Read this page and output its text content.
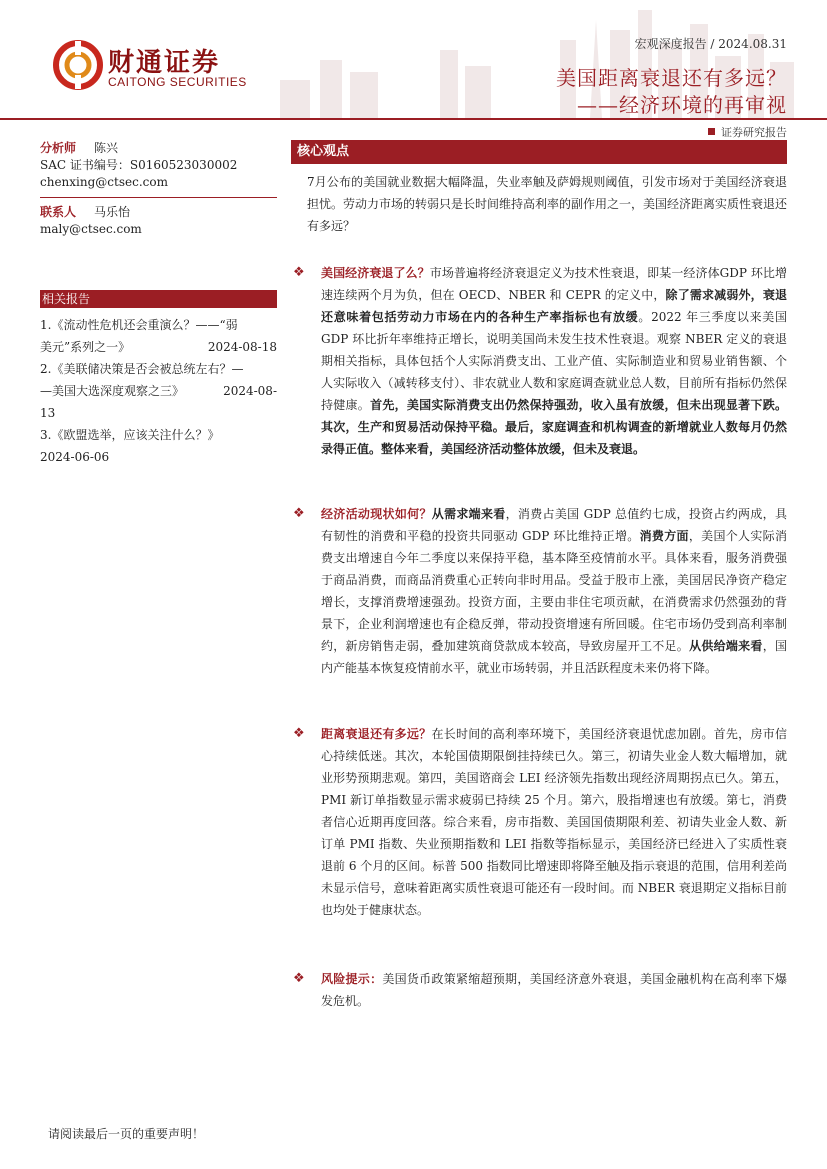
财通证券
CAITONG SECURITIES
宏观深度报告 / 2024.08.31
美国距离衰退还有多远？
——经济环境的再审视
证券研究报告
分析师 陈兴
SAC 证书编号：S0160523030002
chenxing@ctsec.com
联系人 马乐怡
maly@ctsec.com
相关报告
1.《流动性危机还会重演么？——“弱
美元”系列之一》	2024-08-18
2.《美联储决策是否会被总统左右？—
—美国大选深度观察之三》	2024-08-
13
3.《欧盟选举，应该关注什么？》
2024-06-06
核心观点
7月公布的美国就业数据大幅降温，失业率触及萨姆规则阈值，引发市场对于美国经济衰退担忧。劳动力市场的转弱只是长时间维持高利率的副作用之一，美国经济距离实质性衰退还有多远？
❖ 美国经济衰退了么？市场普遍将经济衰退定义为技术性衰退，即某一经济体GDP 环比增速连续两个月为负，但在 OECD、NBER 和 CEPR 的定义中，除了需求减弱外，衰退还意味着包括劳动力市场在内的各种生产率指标也有放缓。2022 年三季度以来美国 GDP 环比折年率维持正增长，说明美国尚未发生技术性衰退。观察 NBER 定义的衰退期相关指标，具体包括个人实际消费支出、工业产值、实际制造业和贸易业销售额、个人实际收入（减转移支付）、非农就业人数和家庭调查就业总人数，目前所有指标仍然保持健康。首先，美国实际消费支出仍然保持强劲，收入虽有放缓，但未出现显著下跌。其次，生产和贸易活动保持平稳。最后，家庭调查和机构调查的新增就业人数每月仍然录得正值。整体来看，美国经济活动整体放缓，但未及衰退。
❖ 经济活动现状如何？从需求端来看，消费占美国 GDP 总值约七成，投资占约两成，具有韧性的消费和平稳的投资共同驱动 GDP 环比维持正增。消费方面，美国个人实际消费支出增速自今年二季度以来保持平稳，基本降至疫情前水平。具体来看，服务消费强于商品消费，而商品消费重心正转向非时用品。受益于股市上涨，美国居民净资产稳定增长，支撑消费增速强劲。投资方面，主要由非住宅项贡献，在消费需求仍然强劲的背景下，企业利润增速也有企稳反弹，带动投资增速有所回暖。住宅市场仍受到高利率制约，新房销售走弱，叠加建筑商贷款成本较高，导致房屋开工不足。从供给端来看，国内产能基本恢复疫情前水平，就业市场转弱，并且活跃程度未来仍将下降。
❖ 距离衰退还有多远？在长时间的高利率环境下，美国经济衰退忧虑加剧。首先，房市信心持续低迷。其次，本轮国债期限倒挂持续已久。第三，初请失业金人数大幅增加，就业形势预期悲观。第四，美国谘商会 LEI 经济领先指数出现经济周期拐点已久。第五，PMI 新订单指数显示需求疲弱已持续 25 个月。第六，股指增速也有放缓。第七，消费者信心近期再度回落。综合来看，房市指数、美国国债期限利差、初请失业金人数、新订单 PMI 指数、失业预期指数和 LEI 指数等指标显示，美国经济已经进入了实质性衰退前 6 个月的区间。标普 500 指数同比增速即将降至触及指示衰退的范围，信用利差尚未显示信号，意味着距离实质性衰退可能还有一段时间。而 NBER 衰退期定义指标目前也均处于健康状态。
❖ 风险提示：美国货币政策紧缩超预期，美国经济意外衰退，美国金融机构在高利率下爆发危机。
请阅读最后一页的重要声明！
